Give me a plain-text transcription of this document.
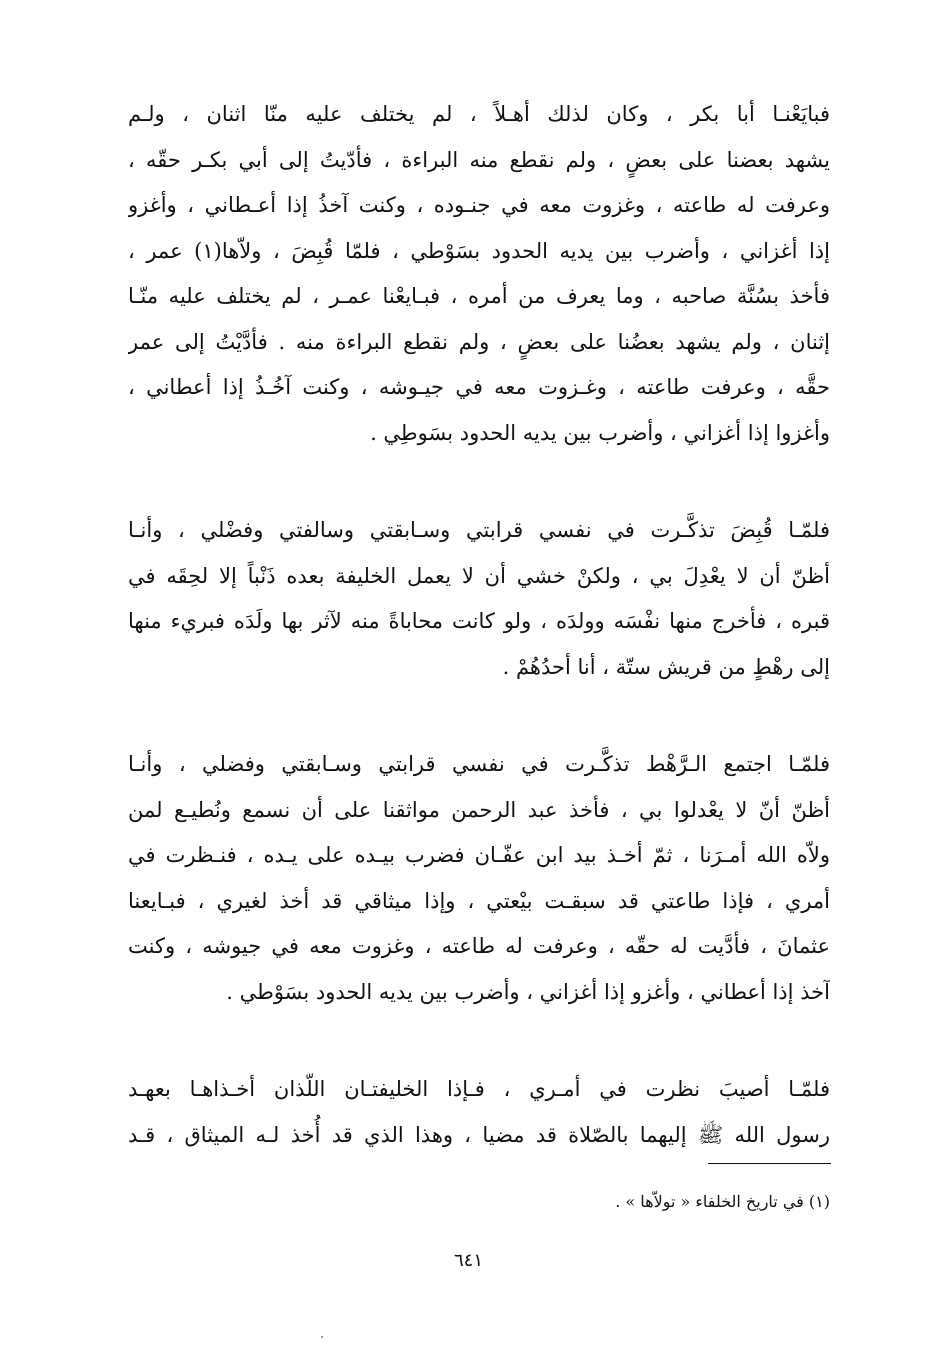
فبايَعْنـا أبا بكر ، وكان لذلك أهـلاً ، لم يختلف عليه منّا اثنان ، ولـم
يشهد بعضنا على بعضٍ ، ولم نقطع منه البراءة ، فأدّيتُ إلى أبي بكـر حقّه ،
وعرفت له طاعته ، وغزوت معه في جنـوده ، وكنت آخذُ إذا أعـطاني ، وأغزو
إذا أغزاني ، وأضرب بين يديه الحدود بسَوْطي ، فلمّا قُبِضَ ، ولاّها(١) عمر ،
فأخذ بسُنَّة صاحبه ، وما يعرف من أمره ، فبـايعْنا عمـر ، لم يختلف عليه منّـا
إثنان ، ولم يشهد بعضُنا على بعضٍ ، ولم نقطع البراءة منه . فأدَّيْتُ إلى عمر
حقَّه ، وعرفت طاعته ، وغـزوت معه في جيـوشه ، وكنت آخُـذُ إذا أعطاني ،
وأغزوا إذا أغزاني ، وأضرب بين يديه الحدود بسَوطِي .

فلمّـا قُبِضَ تذكَّـرت في نفسي قرابتي وسـابقتي وسالفتي وفضْلي ، وأنـا
أظنّ أن لا يعْدِلَ بي ، ولكنْ خشي أن لا يعمل الخليفة بعده ذَنْباً إلا لحِقَه في
قبره ، فأخرج منها نفْسَه وولدَه ، ولو كانت محاباةً منه لآثر بها ولَدَه فبريء منها
إلى رهْطٍ من قريش ستّة ، أنا أحدُهُمْ .

فلمّـا اجتمع الـرَّهْط تذكَّـرت في نفسي قرابتي وسـابقتي وفضلي ، وأنـا
أظنّ أنّ لا يعْدلوا بي ، فأخذ عبد الرحمن مواثقنا على أن نسمع ونُطيـع لمن
ولاّه الله أمـرَنا ، ثمّ أخـذ بيد ابن عفّـان فضرب بيـده على يـده ، فنـظرت في
أمري ، فإذا طاعتي قد سبقـت بيْعتي ، وإذا ميثاقي قد أخذ لغيري ، فبـايعنا
عثمانَ ، فأدَّيت له حقّه ، وعرفت له طاعته ، وغزوت معه في جيوشه ، وكنت
آخذ إذا أعطاني ، وأغزو إذا أغزاني ، وأضرب بين يديه الحدود بسَوْطي .

فلمّـا أصيبَ نظرت في أمـري ، فـإذا الخليفتـان اللّذان أخـذاهـا بعهـد
رسول الله ﷺ إليهما بالصّلاة قد مضيا ، وهذا الذي قد أُخذ لـه الميثاق ، قـد

(١) في تاريخ الخلفاء « تولاّها » .
٦٤١
